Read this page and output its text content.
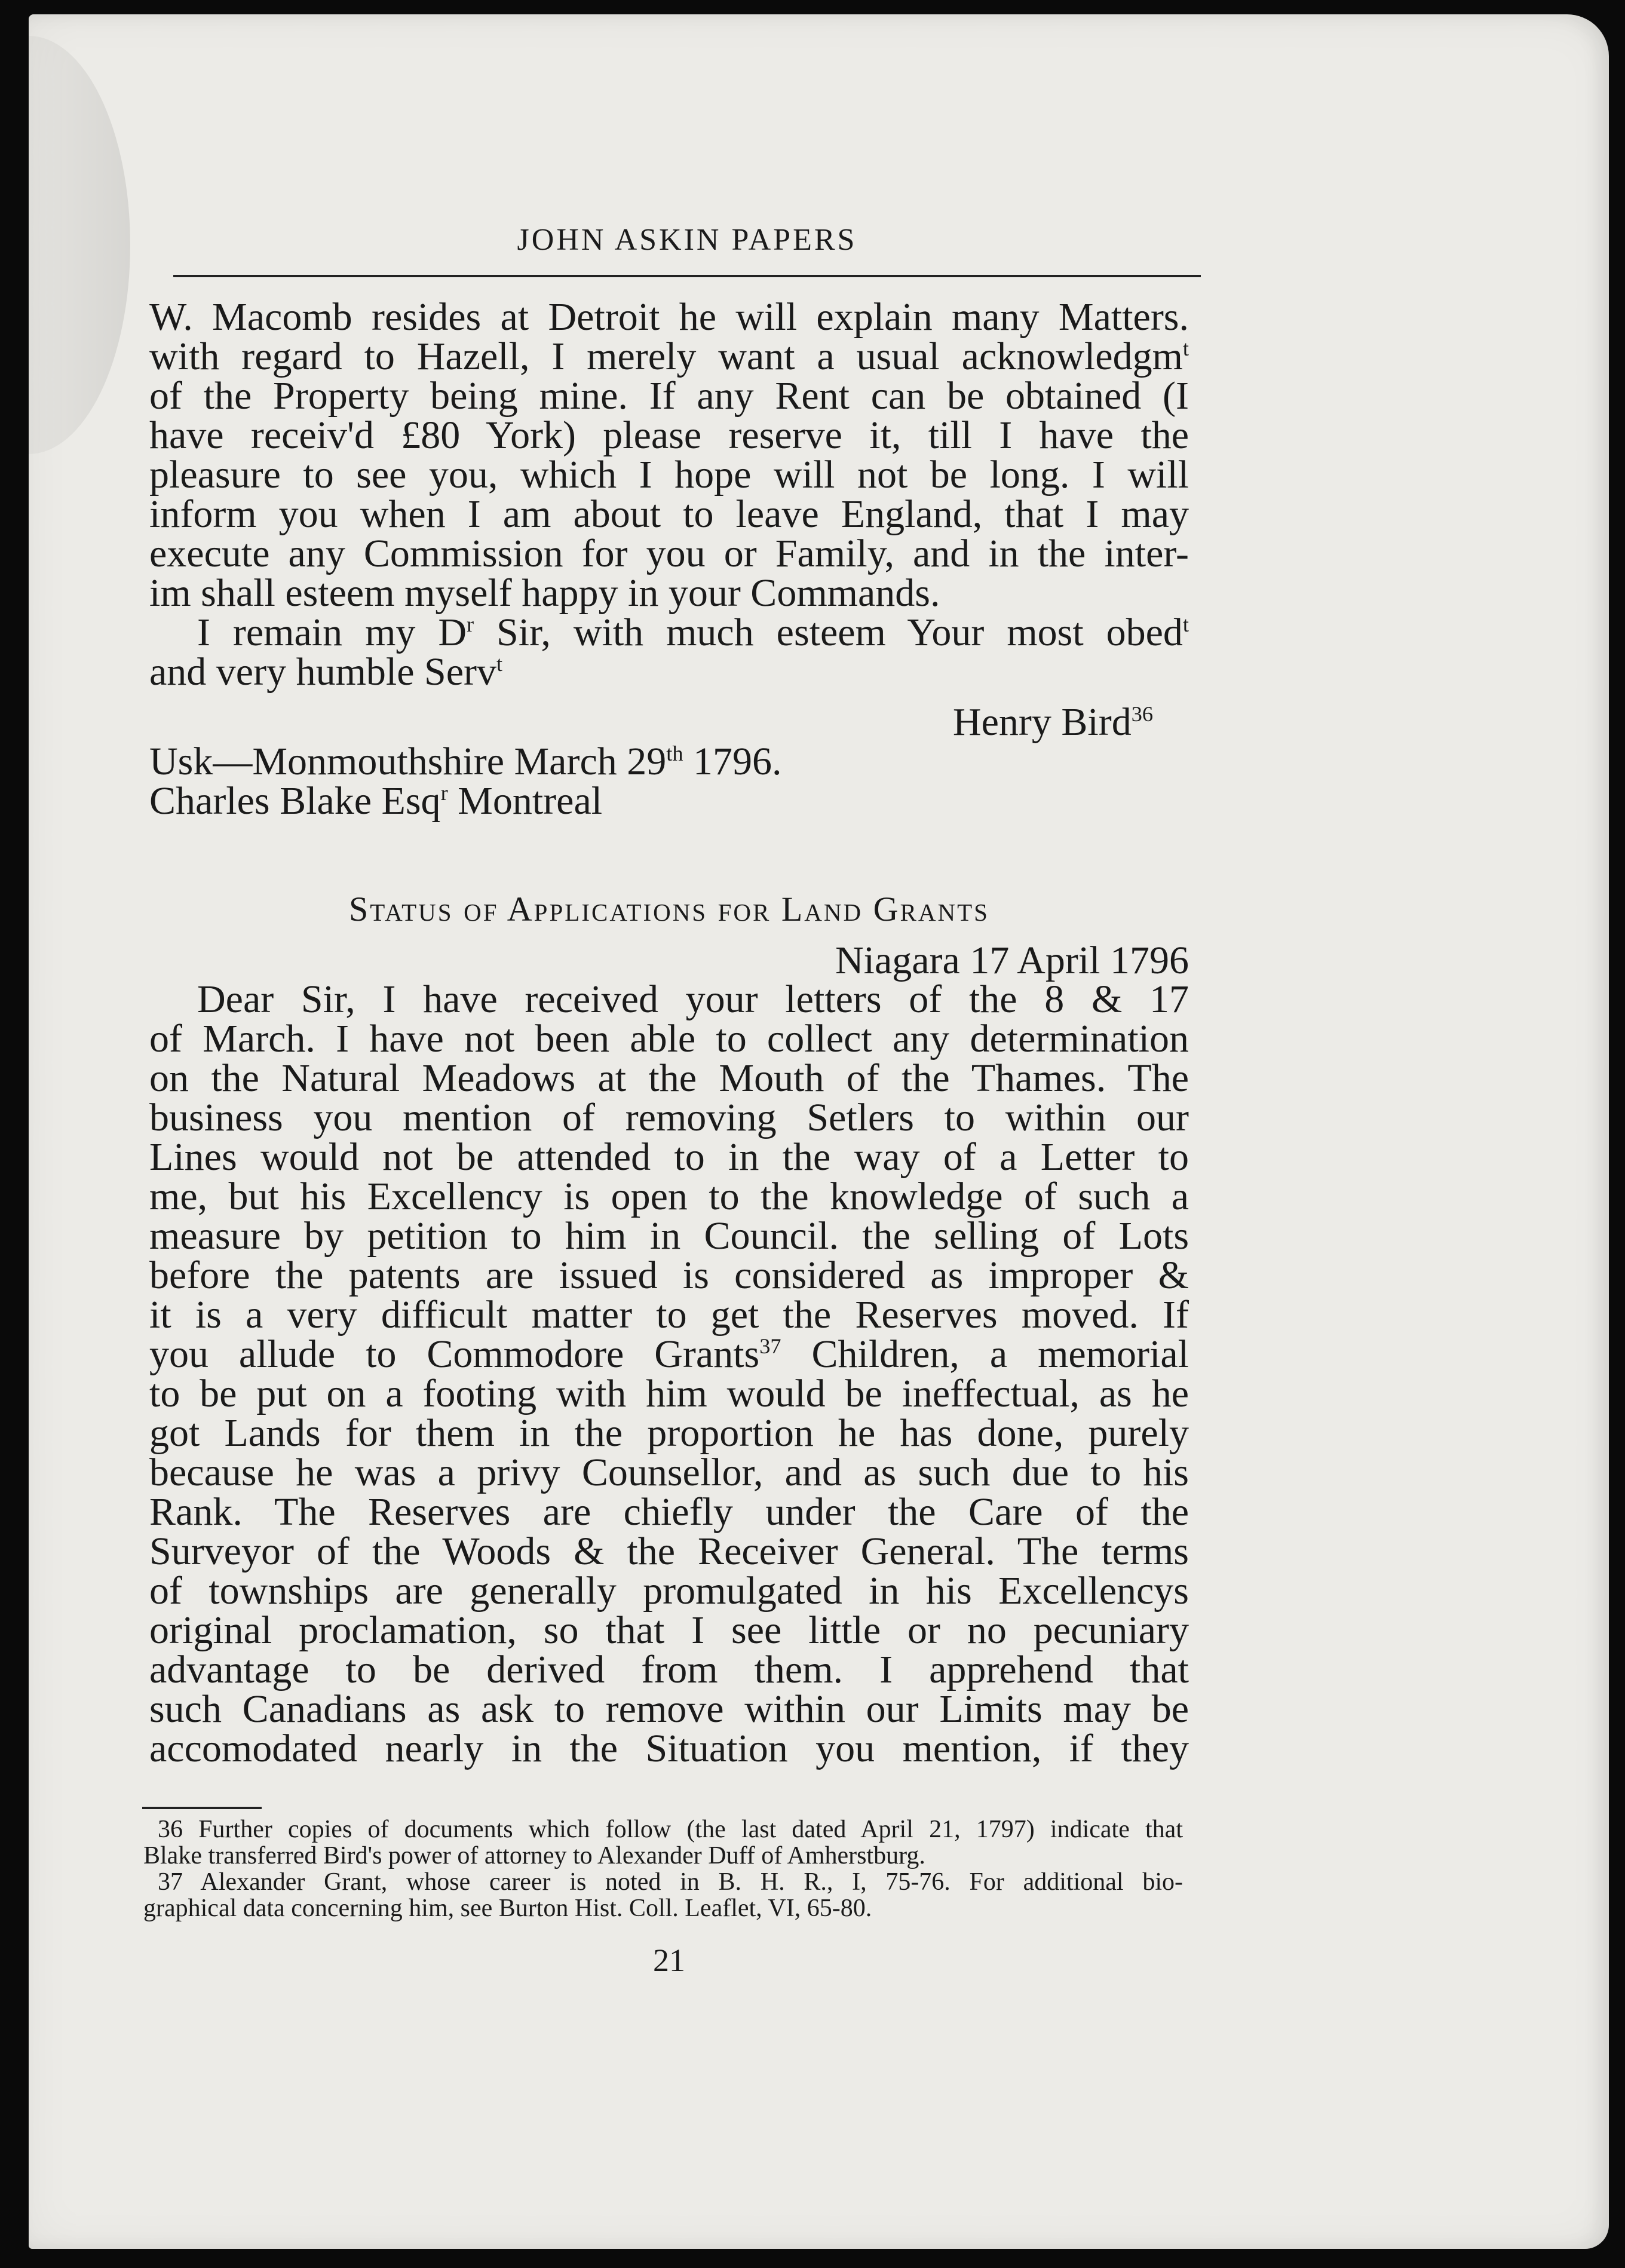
JOHN ASKIN PAPERS
W. Macomb resides at Detroit he will explain many Matters.
with regard to Hazell, I merely want a usual acknowledgm$^t$
of the Property being mine. If any Rent can be obtained (I
have receiv'd £80 York) please reserve it, till I have the
pleasure to see you, which I hope will not be long. I will
inform you when I am about to leave England, that I may
execute any Commission for you or Family, and in the inter-
im shall esteem myself happy in your Commands.
I remain my $D^r$ Sir, with much esteem Your most obed$^t$
and very humble Serv$^t$
Henry Bird$^{36}$
Usk—Monmouthshire March 29th 1796.
Charles Blake Esq$^r$ Montreal
Status of Applications for Land Grants
Niagara 17 April 1796
Dear Sir, I have received your letters of the 8 & 17
of March. I have not been able to collect any determination
on the Natural Meadows at the Mouth of the Thames. The
business you mention of removing Setlers to within our
Lines would not be attended to in the way of a Letter to
me, but his Excellency is open to the knowledge of such a
measure by petition to him in Council. the selling of Lots
before the patents are issued is considered as improper &
it is a very difficult matter to get the Reserves moved. If
you allude to Commodore Grants$^{37}$ Children, a memorial
to be put on a footing with him would be ineffectual, as he
got Lands for them in the proportion he has done, purely
because he was a privy Counsellor, and as such due to his
Rank. The Reserves are chiefly under the Care of the
Surveyor of the Woods & the Receiver General. The terms
of townships are generally promulgated in his Excellencys
original proclamation, so that I see little or no pecuniary
advantage to be derived from them. I apprehend that
such Canadians as ask to remove within our Limits may be
accomodated nearly in the Situation you mention, if they
36 Further copies of documents which follow (the last dated April 21, 1797) indicate that
Blake transferred Bird's power of attorney to Alexander Duff of Amherstburg.
37 Alexander Grant, whose career is noted in B. H. R., I, 75-76. For additional bio-
graphical data concerning him, see Burton Hist. Coll. Leaflet, VI, 65-80.
21
